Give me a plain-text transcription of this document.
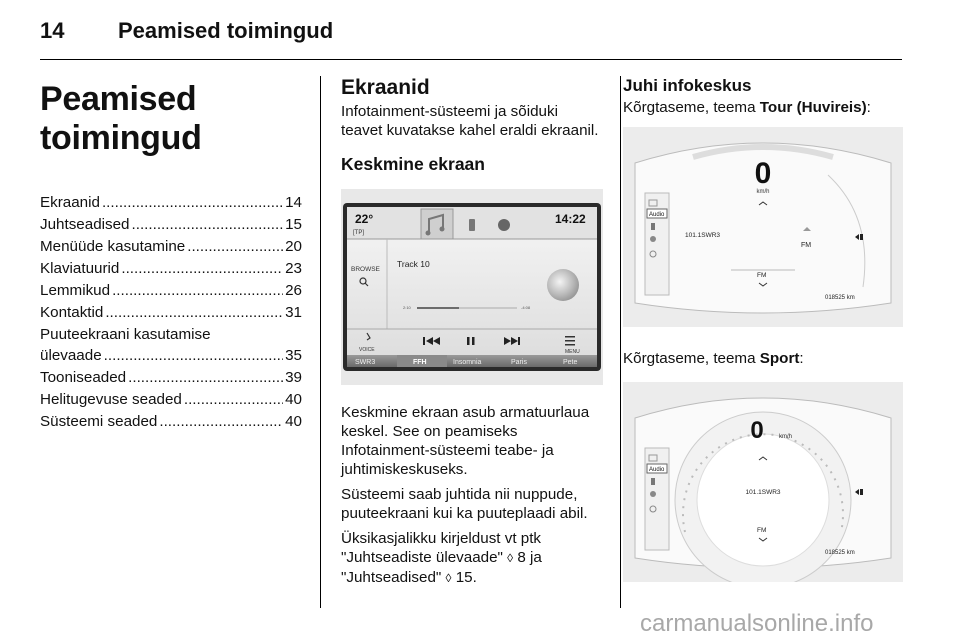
14 Peamised toimingud
Peamised toimingud
Ekraanid .....	14
Juhtseadised .....	15
Menüüde kasutamine .....	20
Klaviatuurid .....	23
Lemmikud .....	26
Kontaktid .....	31
Puuteekraani kasutamise
ülevaade .....	35
Tooniseaded .....	39
Helitugevuse seaded .....	40
Süsteemi seaded .....	40
Ekraanid

Infotainment-süsteemi ja sõiduki teavet kuvatakse kahel eraldi ekraanil.

Keskmine ekraan
22°
[TP]
14:22
BROWSE
Track 10
2:10	-4:08
VOICE	MENU
SWR3	FFH	Insomnia	Paris	Pete

Keskmine ekraan asub armatuurlaua keskel. See on peamiseks Infotainment-süsteemi teabe- ja juhtimiskeskuseks.

Süsteemi saab juhtida nii nuppude, puuteekraani kui ka puuteplaadi abil.

Üksikasjalikku kirjeldust vt ptk "Juhtseadiste ülevaade" ◊ 8 ja "Juhtseadised" ◊ 15.

Juhi infokeskus

Kõrgtaseme, teema Tour (Huvireis):

0
km/h
Audio
101.1SWR3
FM
FM
018525 km

Kõrgtaseme, teema Sport:

0	km/h
Audio
101.1SWR3
FM
018525 km
carmanualsonline.info
